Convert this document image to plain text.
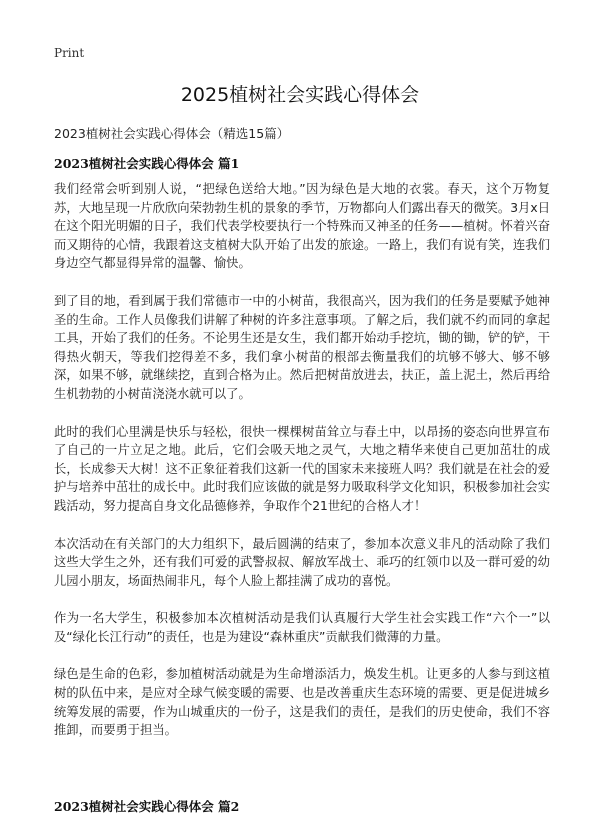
Print
2025植树社会实践心得体会
2023植树社会实践心得体会（精选15篇）
2023植树社会实践心得体会 篇1

我们经常会听到别人说，“把绿色送给大地。”因为绿色是大地的衣裳。春天，这个万物复苏，大地呈现一片欣欣向荣勃勃生机的景象的季节，万物都向人们露出春天的微笑。3月x日在这个阳光明媚的日子，我们代表学校要执行一个特殊而又神圣的任务——植树。怀着兴奋而又期待的心情，我跟着这支植树大队开始了出发的旅途。一路上，我们有说有笑，连我们身边空气都显得异常的温馨、愉快。

到了目的地，看到属于我们常德市一中的小树苗，我很高兴，因为我们的任务是要赋予她神圣的生命。工作人员像我们讲解了种树的许多注意事项。了解之后，我们就不约而同的拿起工具，开始了我们的任务。不论男生还是女生，我们都开始动手挖坑，锄的锄，铲的铲，干得热火朝天，等我们挖得差不多，我们拿小树苗的根部去衡量我们的坑够不够大、够不够深，如果不够，就继续挖，直到合格为止。然后把树苗放进去，扶正，盖上泥土，然后再给生机勃勃的小树苗浇浇水就可以了。

此时的我们心里满是快乐与轻松，很快一棵棵树苗耸立与春土中，以昂扬的姿态向世界宣布了自己的一片立足之地。此后，它们会吸天地之灵气，大地之精华来使自己更加茁壮的成长，长成参天大树！这不正象征着我们这新一代的国家未来接班人吗？我们就是在社会的爱护与培养中茁壮的成长中。此时我们应该做的就是努力吸取科学文化知识，积极参加社会实践活动，努力提高自身文化品德修养，争取作个21世纪的合格人才！

本次活动在有关部门的大力组织下，最后圆满的结束了，参加本次意义非凡的活动除了我们这些大学生之外，还有我们可爱的武警叔叔、解放军战士、乖巧的红领巾以及一群可爱的幼儿园小朋友，场面热闹非凡，每个人脸上都挂满了成功的喜悦。

作为一名大学生，积极参加本次植树活动是我们认真履行大学生社会实践工作“六个一”以及“绿化长江行动”的责任，也是为建设“森林重庆”贡献我们微薄的力量。

绿色是生命的色彩，参加植树活动就是为生命增添活力，焕发生机。让更多的人参与到这植树的队伍中来，是应对全球气候变暖的需要、也是改善重庆生态环境的需要、更是促进城乡统筹发展的需要，作为山城重庆的一份子，这是我们的责任，是我们的历史使命，我们不容推卸，而要勇于担当。

2023植树社会实践心得体会 篇2
